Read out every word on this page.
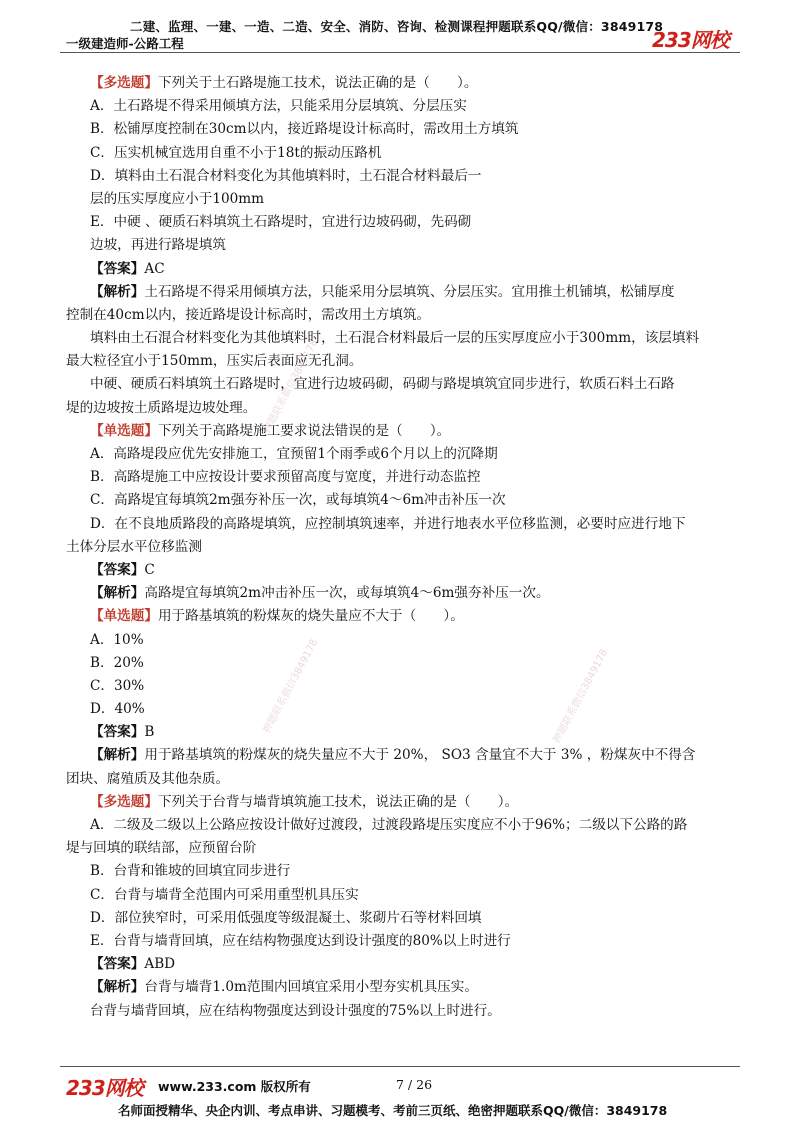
二建、监理、一建、一造、二造、安全、消防、咨询、检测课程押题联系QQ/微信：3849178
一级建造师-公路工程	233网校
押题联系微信3849178
押题联系微信3849178	押题联系微信3849178
【多选题】下列关于土石路堤施工技术，说法正确的是（　　）。
A．土石路堤不得采用倾填方法，只能采用分层填筑、分层压实
B．松铺厚度控制在30cm以内，接近路堤设计标高时，需改用土方填筑
C．压实机械宜选用自重不小于18t的振动压路机
D．填料由土石混合材料变化为其他填料时，土石混合材料最后一
层的压实厚度应小于100mm
E．中硬 、硬质石料填筑土石路堤时，宜进行边坡码砌，先码砌
边坡，再进行路堤填筑
【答案】AC
【解析】土石路堤不得采用倾填方法，只能采用分层填筑、分层压实。宜用推土机铺填，松铺厚度
控制在40cm以内，接近路堤设计标高时，需改用土方填筑。
填料由土石混合材料变化为其他填料时，土石混合材料最后一层的压实厚度应小于300mm，该层填料
最大粒径宜小于150mm，压实后表面应无孔洞。
中硬、硬质石料填筑土石路堤时，宜进行边坡码砌，码砌与路堤填筑宜同步进行，软质石料土石路
堤的边坡按土质路堤边坡处理。
【单选题】下列关于高路堤施工要求说法错误的是（　　）。
A．高路堤段应优先安排施工，宜预留1个雨季或6个月以上的沉降期
B．高路堤施工中应按设计要求预留高度与宽度，并进行动态监控
C．高路堤宜每填筑2m强夯补压一次，或每填筑4～6m冲击补压一次
D．在不良地质路段的高路堤填筑，应控制填筑速率，并进行地表水平位移监测，必要时应进行地下
土体分层水平位移监测
【答案】C
【解析】高路堤宜每填筑2m冲击补压一次，或每填筑4～6m强夯补压一次。
【单选题】用于路基填筑的粉煤灰的烧失量应不大于（　　）。
A．10%
B．20%
C．30%
D．40%
【答案】B
【解析】用于路基填筑的粉煤灰的烧失量应不大于 20%， SO3 含量宜不大于 3% ，粉煤灰中不得含
团块、腐殖质及其他杂质。
【多选题】下列关于台背与墙背填筑施工技术，说法正确的是（　　）。
A．二级及二级以上公路应按设计做好过渡段，过渡段路堤压实度应不小于96%；二级以下公路的路
堤与回填的联结部，应预留台阶
B．台背和锥坡的回填宜同步进行
C．台背与墙背全范围内可采用重型机具压实
D．部位狭窄时，可采用低强度等级混凝土、浆砌片石等材料回填
E．台背与墙背回填，应在结构物强度达到设计强度的80%以上时进行
【答案】ABD
【解析】台背与墙背1.0m范围内回填宜采用小型夯实机具压实。
台背与墙背回填，应在结构物强度达到设计强度的75%以上时进行。
233网校 www.233.com 版权所有	7 / 26
名师面授精华、央企内训、考点串讲、习题模考、考前三页纸、绝密押题联系QQ/微信：3849178
